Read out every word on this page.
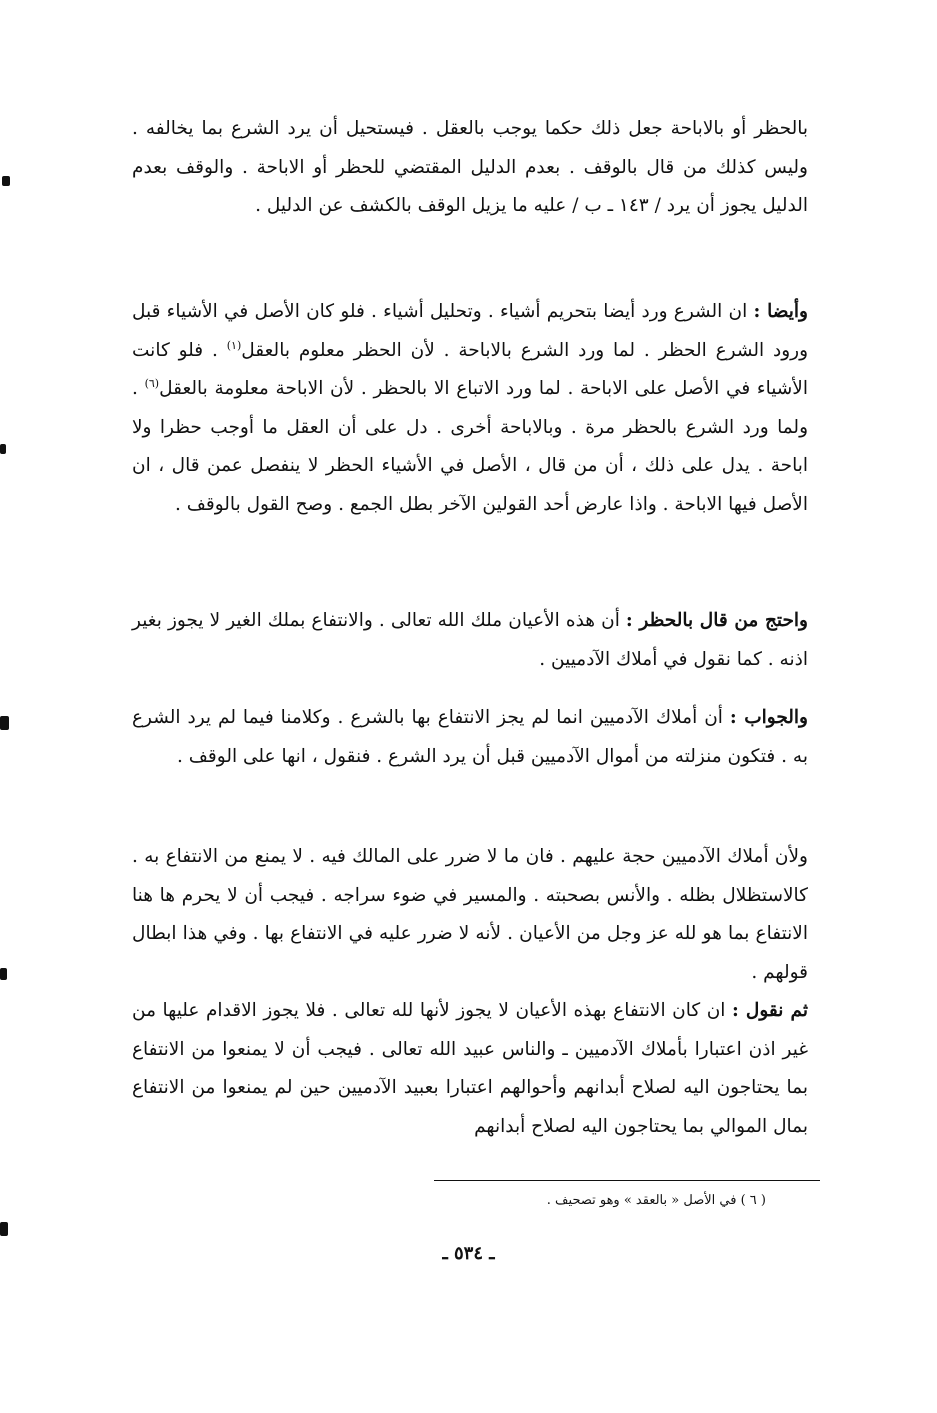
بالحظر أو بالاباحة جعل ذلك حكما يوجب بالعقل . فيستحيل أن يرد الشرع بما يخالفه . وليس كذلك من قال بالوقف . بعدم الدليل المقتضي للحظر أو الاباحة . والوقف بعدم الدليل يجوز أن يرد / ١٤٣ ـ ب / عليه ما يزيل الوقف بالكشف عن الدليل .

وأيضا : ان الشرع ورد أيضا بتحريم أشياء . وتحليل أشياء . فلو كان الأصل في الأشياء قبل ورود الشرع الحظر . لما ورد الشرع بالاباحة . لأن الحظر معلوم بالعقل$^{(١)}$ . فلو كانت الأشياء في الأصل على الاباحة . لما ورد الاتباع الا بالحظر . لأن الاباحة معلومة بالعقل$^{(٦)}$ . ولما ورد الشرع بالحظر مرة . وبالاباحة أخرى . دل على أن العقل ما أوجب حظرا ولا اباحة . يدل على ذلك ، أن من قال ، الأصل في الأشياء الحظر لا ينفصل عمن قال ، ان الأصل فيها الاباحة . واذا عارض أحد القولين الآخر بطل الجمع . وصح القول بالوقف .

واحتج من قال بالحظر : أن هذه الأعيان ملك الله تعالى . والانتفاع بملك الغير لا يجوز بغير اذنه . كما نقول في أملاك الآدميين .

والجواب : أن أملاك الآدميين انما لم يجز الانتفاع بها بالشرع . وكلامنا فيما لم يرد الشرع به . فتكون منزلته من أموال الآدميين قبل أن يرد الشرع . فنقول ، انها على الوقف .

ولأن أملاك الآدميين حجة عليهم . فان ما لا ضرر على المالك فيه . لا يمنع من الانتفاع به . كالاستظلال بظله . والأنس بصحبته . والمسير في ضوء سراجه . فيجب أن لا يحرم ها هنا الانتفاع بما هو لله عز وجل من الأعيان . لأنه لا ضرر عليه في الانتفاع بها . وفي هذا ابطال قولهم .

ثم نقول : ان كان الانتفاع بهذه الأعيان لا يجوز لأنها لله تعالى . فلا يجوز الاقدام عليها من غير اذن اعتبارا بأملاك الآدميين ـ والناس عبيد الله تعالى . فيجب أن لا يمنعوا من الانتفاع بما يحتاجون اليه لصلاح أبدانهم وأحوالهم اعتبارا بعبيد الآدميين حين لم يمنعوا من الانتفاع بمال الموالي بما يحتاجون اليه لصلاح أبدانهم

( ٦ ) في الأصل « بالعقد » وهو تصحيف .
ـ ٥٣٤ ـ
